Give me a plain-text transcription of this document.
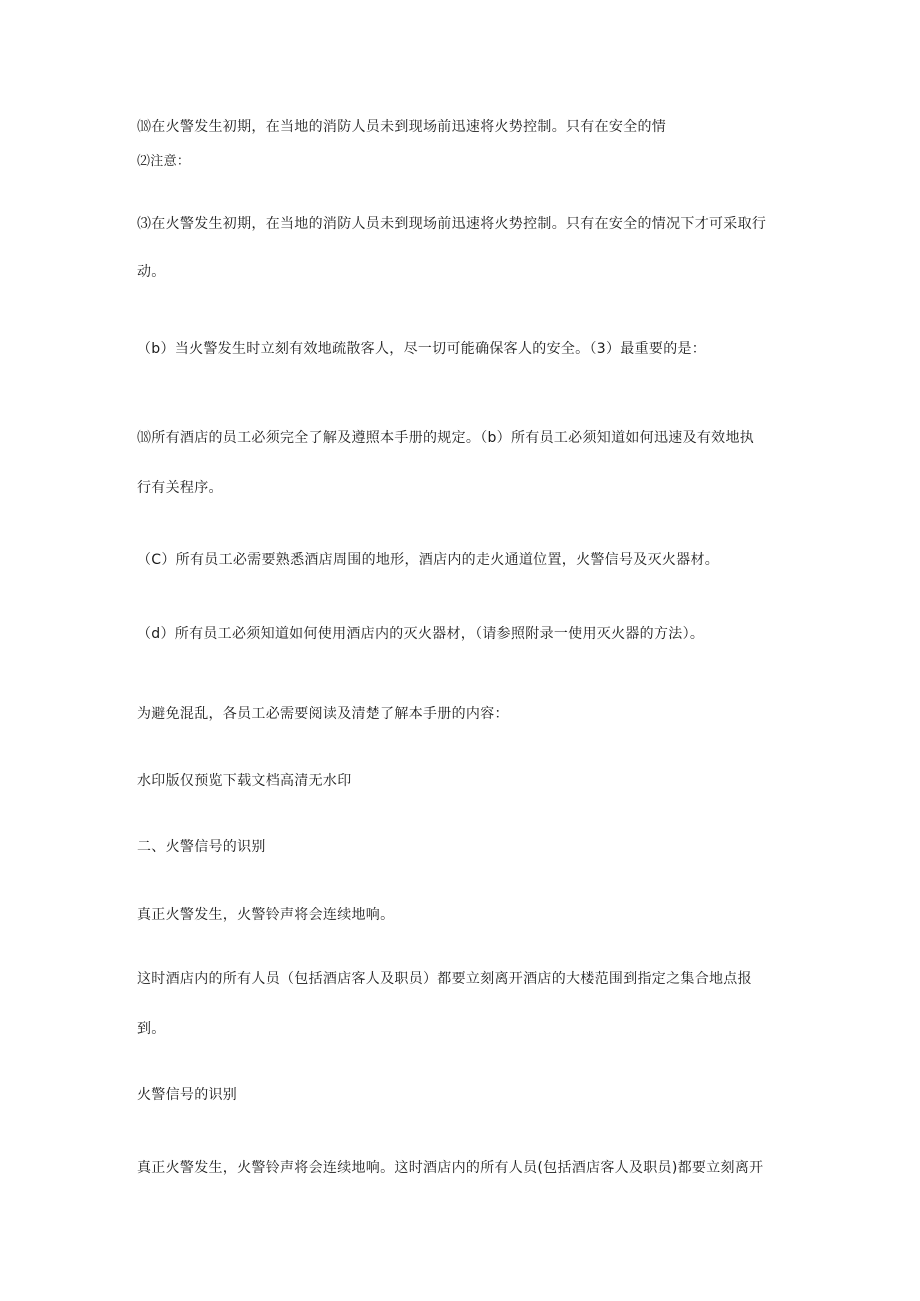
⒅在火警发生初期，在当地的消防人员未到现场前迅速将火势控制。只有在安全的情

⑵注意：

⑶在火警发生初期，在当地的消防人员未到现场前迅速将火势控制。只有在安全的情况下才可采取行

动。

（b）当火警发生时立刻有效地疏散客人，尽一切可能确保客人的安全。（3）最重要的是：

⒅所有酒店的员工必须完全了解及遵照本手册的规定。（b）所有员工必须知道如何迅速及有效地执

行有关程序。

（C）所有员工必需要熟悉酒店周围的地形，酒店内的走火通道位置，火警信号及灭火器材。

（d）所有员工必须知道如何使用酒店内的灭火器材，（请参照附录一使用灭火器的方法）。

为避免混乱，各员工必需要阅读及清楚了解本手册的内容：

水印版仅预览下载文档高清无水印

二、火警信号的识别

真正火警发生，火警铃声将会连续地响。

这时酒店内的所有人员（包括酒店客人及职员）都要立刻离开酒店的大楼范围到指定之集合地点报

到。

火警信号的识别

真正火警发生，火警铃声将会连续地响。这时酒店内的所有人员(包括酒店客人及职员)都要立刻离开
